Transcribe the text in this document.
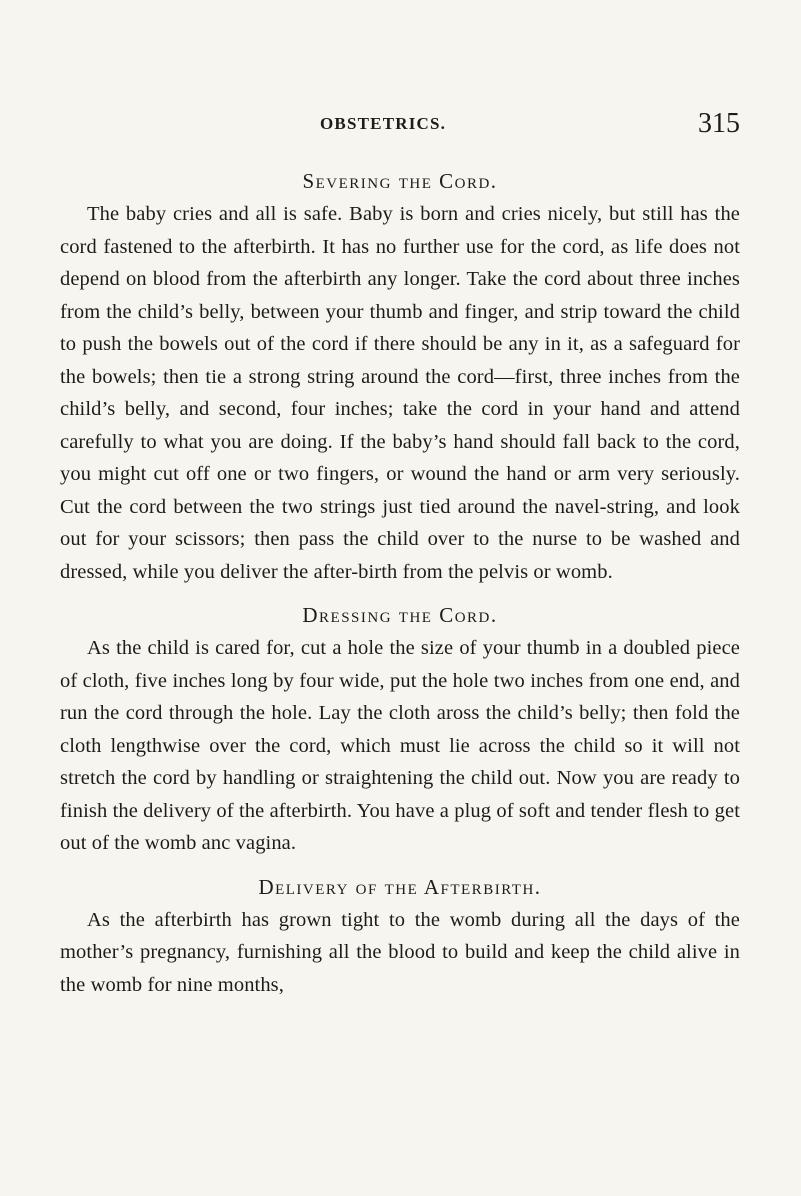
OBSTETRICS.	315
Severing the Cord.

The baby cries and all is safe. Baby is born and cries nicely, but still has the cord fastened to the afterbirth. It has no further use for the cord, as life does not depend on blood from the afterbirth any longer. Take the cord about three inches from the child’s belly, between your thumb and finger, and strip toward the child to push the bowels out of the cord if there should be any in it, as a safeguard for the bowels; then tie a strong string around the cord—first, three inches from the child’s belly, and second, four inches; take the cord in your hand and attend carefully to what you are doing. If the baby’s hand should fall back to the cord, you might cut off one or two fingers, or wound the hand or arm very seriously. Cut the cord between the two strings just tied around the navel-string, and look out for your scissors; then pass the child over to the nurse to be washed and dressed, while you deliver the after-birth from the pelvis or womb.

Dressing the Cord.

As the child is cared for, cut a hole the size of your thumb in a doubled piece of cloth, five inches long by four wide, put the hole two inches from one end, and run the cord through the hole. Lay the cloth aross the child’s belly; then fold the cloth lengthwise over the cord, which must lie across the child so it will not stretch the cord by handling or straightening the child out. Now you are ready to finish the delivery of the afterbirth. You have a plug of soft and tender flesh to get out of the womb anc vagina.

Delivery of the Afterbirth.

As the afterbirth has grown tight to the womb during all the days of the mother’s pregnancy, furnishing all the blood to build and keep the child alive in the womb for nine months,
